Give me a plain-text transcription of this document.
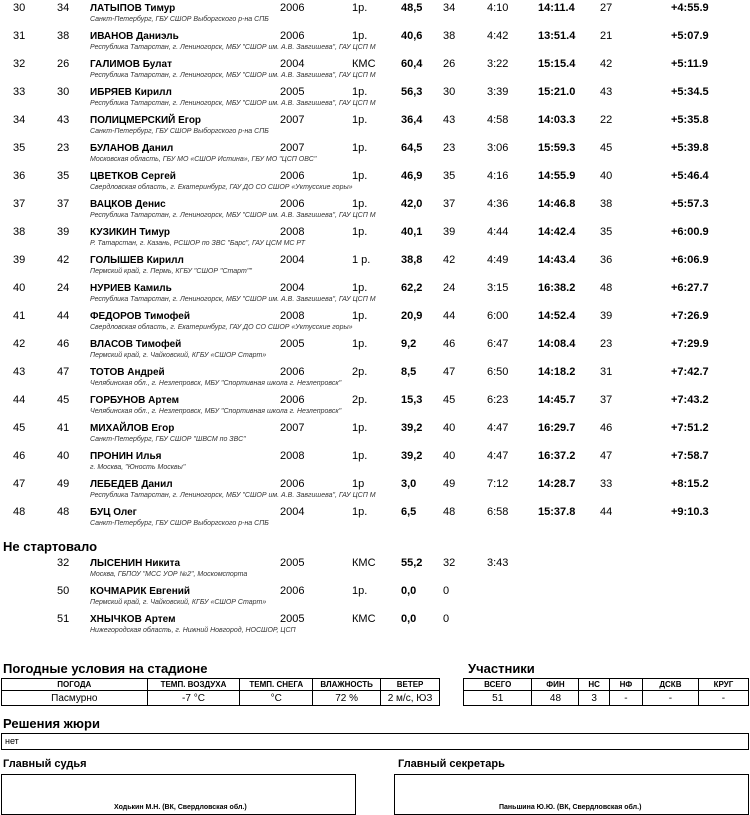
30	34 ЛАТЫПОВ Тимур	2006	1р.	48,5 34	4:10	14:11.4 27	+4:55.9
Санкт-Петербург, ГБУ СШОР Выборгского р-на СПБ
31	38 ИВАНОВ Даниэль	2006	1р.	40,6 38	4:42	13:51.4 21	+5:07.9
Республика Татарстан, г. Лениногорск, МБУ "СШОР им. А.В. Завгишева", ГАУ ЦСП М
32	26 ГАЛИМОВ Булат	2004	КМС 60,4 26	3:22	15:15.4 42	+5:11.9
Республика Татарстан, г. Лениногорск, МБУ "СШОР им. А.В. Завгишева", ГАУ ЦСП М
33	30 ИБРЯЕВ Кирилл	2005	1р.	56,3 30	3:39	15:21.0 43	+5:34.5
Республика Татарстан, г. Лениногорск, МБУ "СШОР им. А.В. Завгишева", ГАУ ЦСП М
34	43 ПОЛИЦМЕРСКИЙ Егор	2007	1р.	36,4 43	4:58	14:03.3 22	+5:35.8
Санкт-Петербург, ГБУ СШОР Выборгского р-на СПБ
35	23 БУЛАНОВ Данил	2007	1р.	64,5 23	3:06	15:59.3 45	+5:39.8
Московская область, ГБУ МО «СШОР Истина», ГБУ МО "ЦСП ОВС"
36	35 ЦВЕТКОВ Сергей	2006	1р.	46,9 35	4:16	14:55.9 40	+5:46.4
Свердловская область, г. Екатеринбург, ГАУ ДО СО СШОР «Уктусские горы»
37	37 ВАЦКОВ Денис	2006	1р.	42,0 37	4:36	14:46.8 38	+5:57.3
Республика Татарстан, г. Лениногорск, МБУ "СШОР им. А.В. Завгишева", ГАУ ЦСП М
38	39 КУЗИКИН Тимур	2008	1р.	40,1 39	4:44	14:42.4 35	+6:00.9
Р. Татарстан, г. Казань, РСШОР по ЗВС "Барс", ГАУ ЦСМ МС РТ
39	42 ГОЛЫШЕВ Кирилл	2004	1 р.	38,8 42	4:49	14:43.4 36	+6:06.9
Пермский край, г. Пермь, КГБУ "СШОР "Старт""
40	24 НУРИЕВ Камиль	2004	1р.	62,2 24	3:15	16:38.2 48	+6:27.7
Республика Татарстан, г. Лениногорск, МБУ "СШОР им. А.В. Завгишева", ГАУ ЦСП М
41	44 ФЕДОРОВ Тимофей	2008	1р.	20,9 44	6:00	14:52.4 39	+7:26.9
Свердловская область, г. Екатеринбург, ГАУ ДО СО СШОР «Уктусские горы»
42	46 ВЛАСОВ Тимофей	2005	1р.	9,2 46	6:47	14:08.4 23	+7:29.9
Пермский край, г. Чайковский, КГБУ «СШОР Старт»
43	47 ТОТОВ Андрей	2006	2р.	8,5 47	6:50	14:18.2 31	+7:42.7
Челябинская обл., г. Незлепровск, МБУ "Спортивная школа г. Незлепровск"
44	45 ГОРБУНОВ Артем	2006	2р.	15,3 45	6:23	14:45.7 37	+7:43.2
Челябинская обл., г. Незлепровск, МБУ "Спортивная школа г. Незлепровск"
45	41 МИХАЙЛОВ Егор	2007	1р.	39,2 40	4:47	16:29.7 46	+7:51.2
Санкт-Петербург, ГБУ СШОР "ШВСМ по ЗВС"
46	40 ПРОНИН Илья	2008	1р.	39,2 40	4:47	16:37.2 47	+7:58.7
г. Москва, "Юность Москвы"
47	49 ЛЕБЕДЕВ Данил	2006	1р	3,0 49	7:12	14:28.7 33	+8:15.2
Республика Татарстан, г. Лениногорск, МБУ "СШОР им. А.В. Завгишева", ГАУ ЦСП М
48	48 БУЦ Олег	2004	1р.	6,5 48	6:58	15:37.8 44	+9:10.3
Санкт-Петербург, ГБУ СШОР Выборгского р-на СПБ
Не стартовало
32 ЛЫСЕНИН Никита	2005	КМС 55,2 32	3:43
Москва, ГБПОУ "МСС УОР №2", Москомспорта
50 КОЧМАРИК Евгений	2006	1р.	0,0 0
Пермский край, г. Чайковский, КГБУ «СШОР Старт»
51 ХНЫЧКОВ Артем	2005	КМС 0,0 0
Нижегородская область, г. Нижний Новгород, НОСШОР, ЦСП
Погодные условия на стадионе
ПОГОДА	ТЕМП. ВОЗДУХА	ТЕМП. СНЕГА	ВЛАЖНОСТЬ	ВЕТЕР
Пасмурно	-7 °C	°C	72 %	2 м/с, ЮЗ
Участники
ВСЕГО	ФИН	НС	НФ	ДСКВ	КРУГ
51	48	3	-	-	-
Решения жюри
нет
Главный судья
Ходькин М.Н. (ВК, Свердловская обл.)
Главный секретарь
Паньшина Ю.Ю. (ВК, Свердловская обл.)
